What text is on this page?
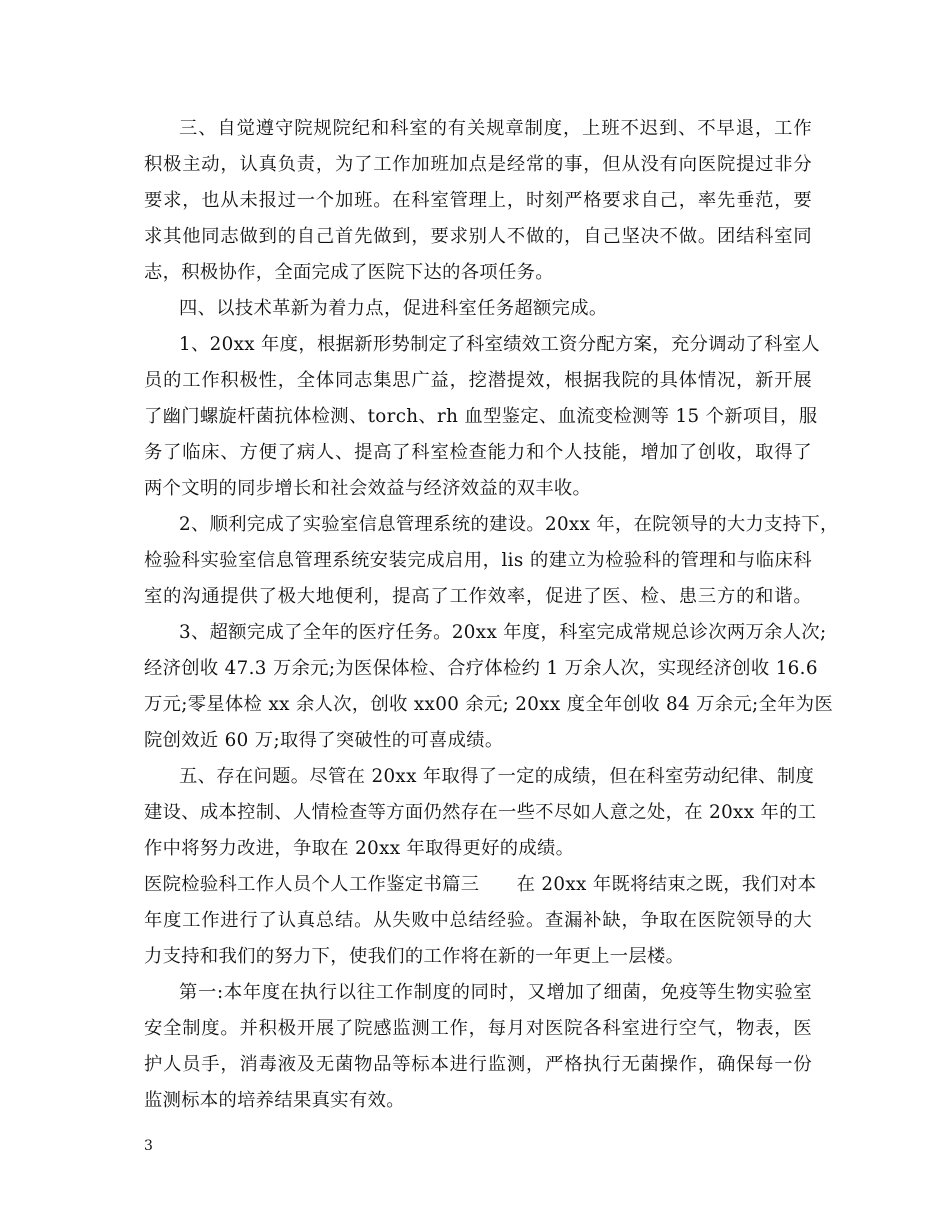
三、自觉遵守院规院纪和科室的有关规章制度，上班不迟到、不早退，工作
积极主动，认真负责，为了工作加班加点是经常的事，但从没有向医院提过非分
要求，也从未报过一个加班。在科室管理上，时刻严格要求自己，率先垂范，要
求其他同志做到的自己首先做到，要求别人不做的，自己坚决不做。团结科室同
志，积极协作，全面完成了医院下达的各项任务。
四、以技术革新为着力点，促进科室任务超额完成。
1、20xx 年度，根据新形势制定了科室绩效工资分配方案，充分调动了科室人
员的工作积极性，全体同志集思广益，挖潜提效，根据我院的具体情况，新开展
了幽门螺旋杆菌抗体检测、torch、rh 血型鉴定、血流变检测等 15 个新项目，服
务了临床、方便了病人、提高了科室检查能力和个人技能，增加了创收，取得了
两个文明的同步增长和社会效益与经济效益的双丰收。
2、顺利完成了实验室信息管理系统的建设。20xx 年，在院领导的大力支持下，
检验科实验室信息管理系统安装完成启用，lis 的建立为检验科的管理和与临床科
室的沟通提供了极大地便利，提高了工作效率，促进了医、检、患三方的和谐。
3、超额完成了全年的医疗任务。20xx 年度，科室完成常规总诊次两万余人次;
经济创收 47.3 万余元;为医保体检、合疗体检约 1 万余人次，实现经济创收 16.6
万元;零星体检 xx 余人次，创收 xx00 余元; 20xx 度全年创收 84 万余元;全年为医
院创效近 60 万;取得了突破性的可喜成绩。
五、存在问题。尽管在 20xx 年取得了一定的成绩，但在科室劳动纪律、制度
建设、成本控制、人情检查等方面仍然存在一些不尽如人意之处，在 20xx 年的工
作中将努力改进，争取在 20xx 年取得更好的成绩。
医院检验科工作人员个人工作鉴定书篇三　　在 20xx 年既将结束之既，我们对本
年度工作进行了认真总结。从失败中总结经验。查漏补缺，争取在医院领导的大
力支持和我们的努力下，使我们的工作将在新的一年更上一层楼。
第一:本年度在执行以往工作制度的同时，又增加了细菌，免疫等生物实验室
安全制度。并积极开展了院感监测工作，每月对医院各科室进行空气，物表，医
护人员手，消毒液及无菌物品等标本进行监测，严格执行无菌操作，确保每一份
监测标本的培养结果真实有效。
3
